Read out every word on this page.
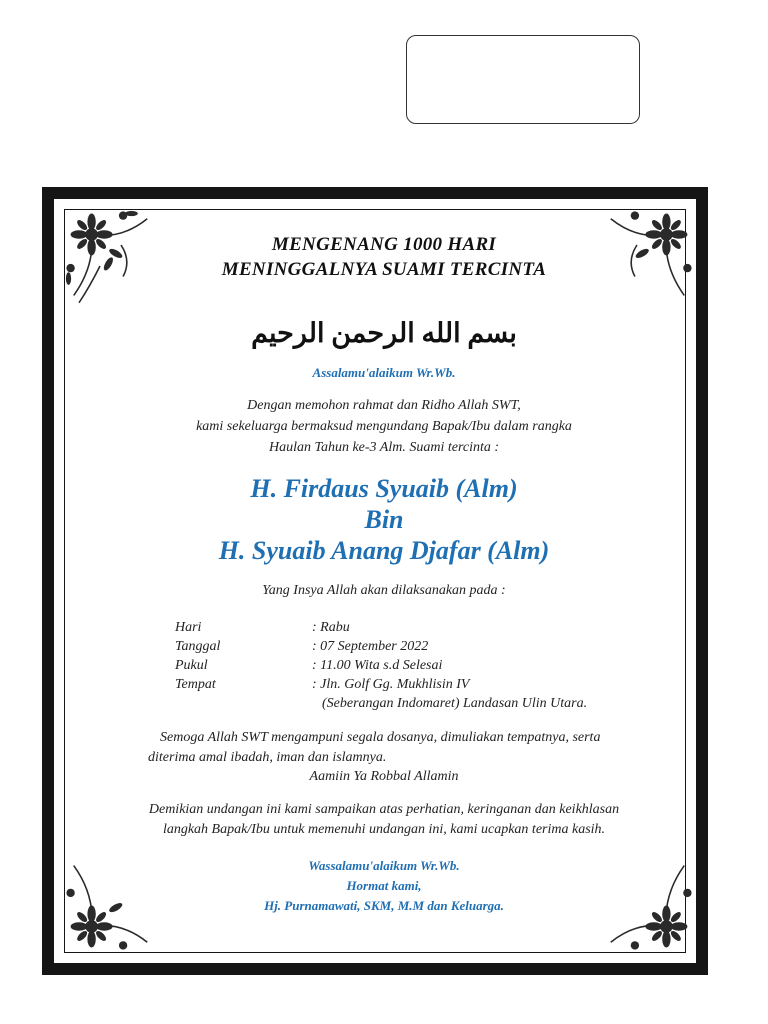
MENGENANG 1000 HARI
MENINGGALNYA SUAMI TERCINTA
بسم الله الرحمن الرحيم
Assalamu'alaikum Wr.Wb.
Dengan memohon rahmat dan Ridho Allah SWT,
kami sekeluarga bermaksud mengundang Bapak/Ibu dalam rangka
Haulan Tahun ke-3 Alm. Suami tercinta :
H. Firdaus Syuaib (Alm)
Bin
H. Syuaib Anang Djafar (Alm)
Yang Insya Allah akan dilaksanakan pada :
Hari	: Rabu
Tanggal	: 07 September 2022
Pukul	: 11.00 Wita s.d Selesai
Tempat	: Jln. Golf Gg. Mukhlisin IV
(Seberangan Indomaret) Landasan Ulin Utara.
Semoga Allah SWT mengampuni segala dosanya, dimuliakan tempatnya, serta
diterima amal ibadah, iman dan islamnya.
Aamiin Ya Robbal Allamin
Demikian undangan ini kami sampaikan atas perhatian, keringanan dan keikhlasan
langkah Bapak/Ibu untuk memenuhi undangan ini, kami ucapkan terima kasih.
Wassalamu'alaikum Wr.Wb.
Hormat kami,
Hj. Purnamawati, SKM, M.M dan Keluarga.
